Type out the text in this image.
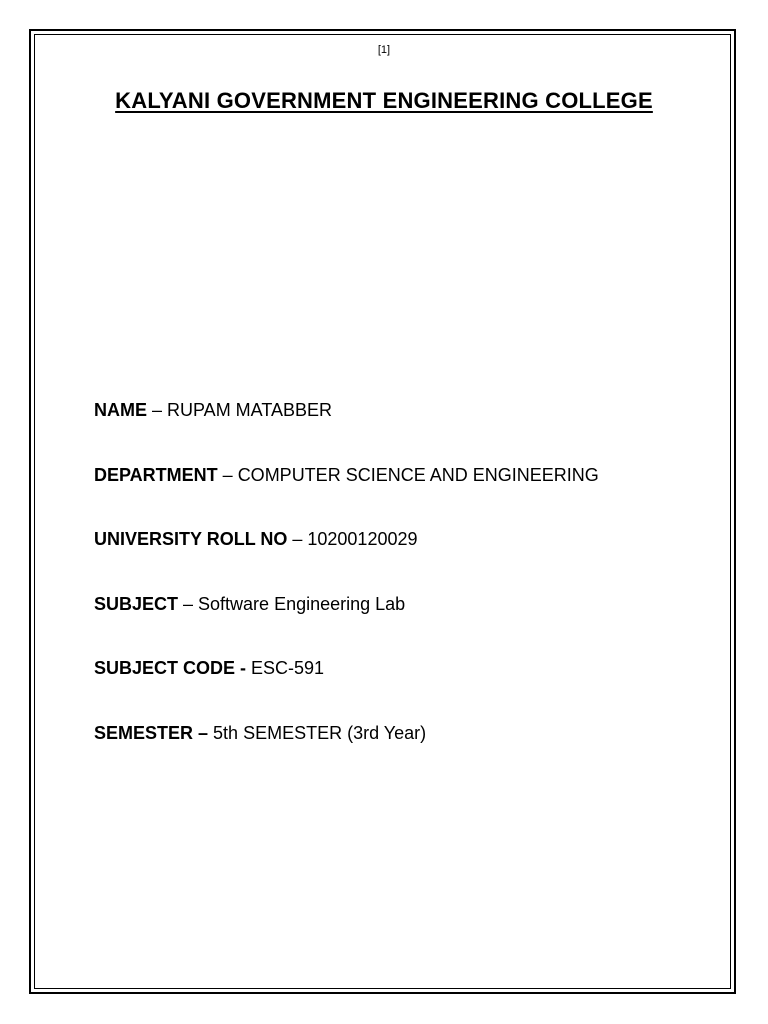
[1]
KALYANI GOVERNMENT ENGINEERING COLLEGE
NAME – RUPAM MATABBER
DEPARTMENT – COMPUTER SCIENCE AND ENGINEERING
UNIVERSITY ROLL NO – 10200120029
SUBJECT – Software Engineering Lab
SUBJECT CODE - ESC-591
SEMESTER – 5th SEMESTER (3rd Year)
